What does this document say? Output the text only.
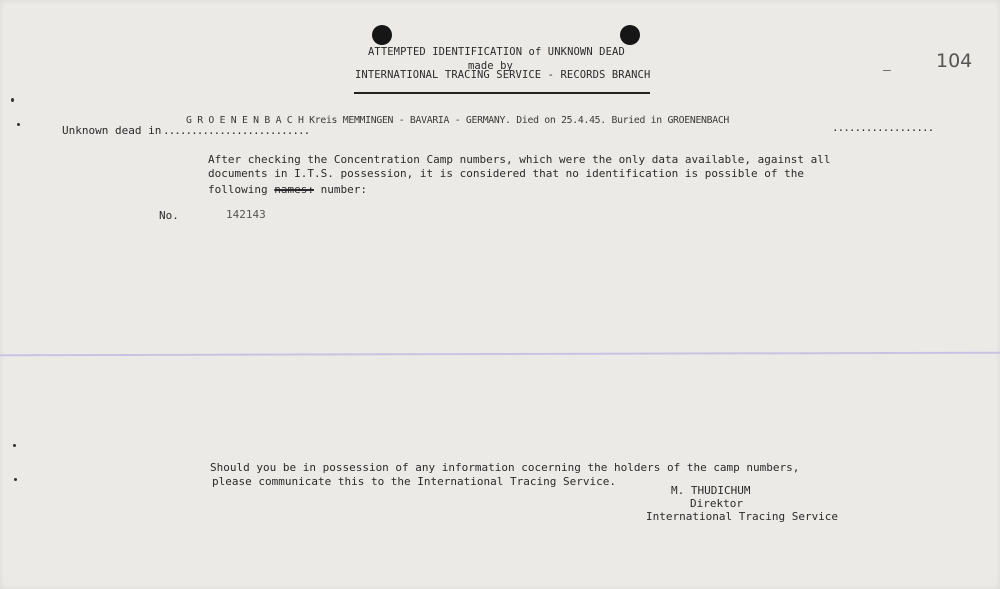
ATTEMPTED IDENTIFICATION of UNKNOWN DEAD
made by
INTERNATIONAL TRACING SERVICE - RECORDS BRANCH	– 104
Unknown dead in ..........................
G R O E N E N B A C H Kreis MEMMINGEN - BAVARIA - GERMANY. Died on 25.4.45. Buried in GROENENBACH
..................
After checking the Concentration Camp numbers, which were the only data available, against all
documents in I.T.S. possession, it is considered that no identification is possible of the
following names: number:
No.	142143
Should you be in possession of any information cocerning the holders of the camp numbers,
please communicate this to the International Tracing Service.
M. THUDICHUM
Direktor
International Tracing Service
